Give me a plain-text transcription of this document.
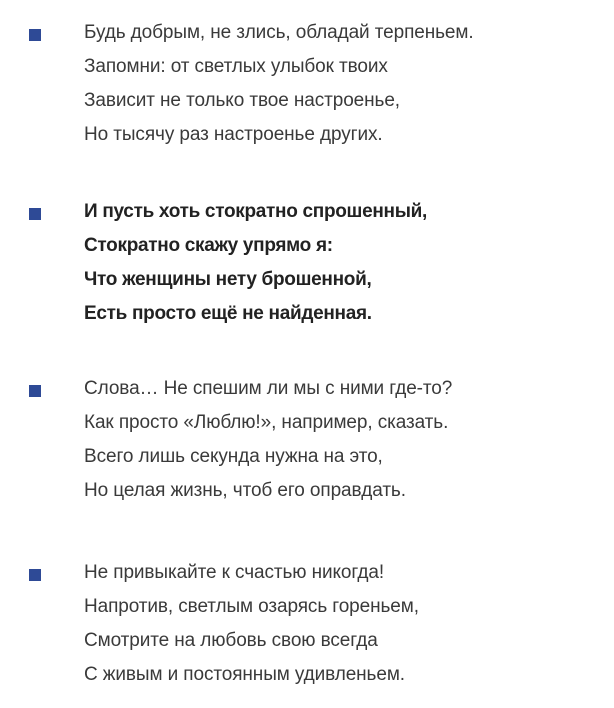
Будь добрым, не злись, обладай терпеньем.
Запомни: от светлых улыбок твоих
Зависит не только твое настроенье,
Но тысячу раз настроенье других.
И пусть хоть стократно спрошенный,
Стократно скажу упрямо я:
Что женщины нету брошенной,
Есть просто ещё не найденная.
Слова… Не спешим ли мы с ними где-то?
Как просто «Люблю!», например, сказать.
Всего лишь секунда нужна на это,
Но целая жизнь, чтоб его оправдать.
Не привыкайте к счастью никогда!
Напротив, светлым озарясь гореньем,
Смотрите на любовь свою всегда
С живым и постоянным удивленьем.
